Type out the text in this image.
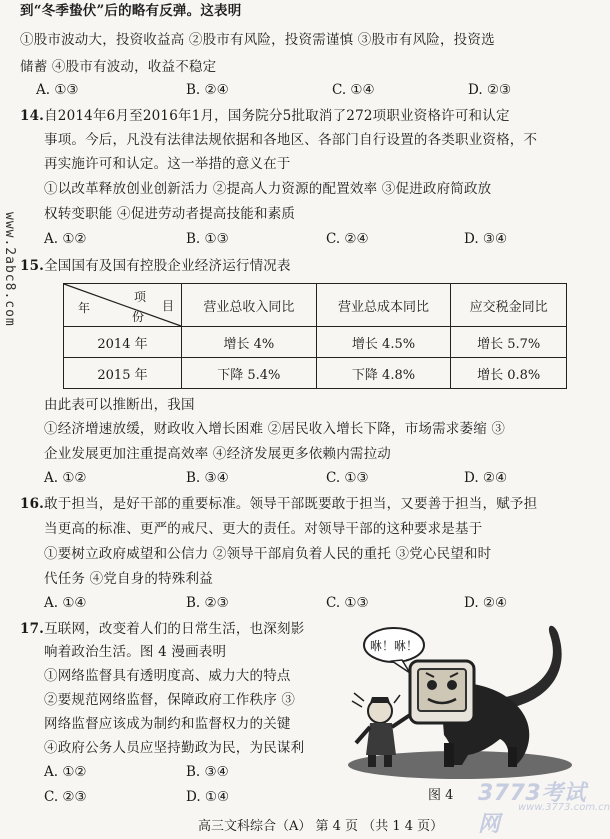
www.2abc8.com
到“冬季蛰伏”后的略有反弹。这表明
①股市波动大，投资收益高 ②股市有风险，投资需谨慎 ③股市有风险，投资选
储蓄 ④股市有波动，收益不稳定
A. ①③	B. ②④	C. ①④	D. ②③
14.自2014年6月至2016年1月，国务院分5批取消了272项职业资格许可和认定
事项。今后，凡没有法律法规依据和各地区、各部门自行设置的各类职业资格，不
再实施许可和认定。这一举措的意义在于
①以改革释放创业创新活力 ②提高人力资源的配置效率 ③促进政府简政放
权转变职能 ④促进劳动者提高技能和素质
A. ①②	B. ①③	C. ②④	D. ③④
15.全国国有及国有控股企业经济运行情况表
项
目
年
份	营业总收入同比	营业总成本同比	应交税金同比
2014 年	增长 4%	增长 4.5%	增长 5.7%
2015 年	下降 5.4%	下降 4.8%	增长 0.8%
由此表可以推断出，我国
①经济增速放缓，财政收入增长困难 ②居民收入增长下降，市场需求萎缩 ③
企业发展更加注重提高效率 ④经济发展更多依赖内需拉动
A. ①②	B. ③④	C. ①③	D. ②④
16.敢于担当，是好干部的重要标准。领导干部既要敢于担当，又要善于担当，赋予担
当更高的标准、更严的戒尺、更大的责任。对领导干部的这种要求是基于
①要树立政府威望和公信力 ②领导干部肩负着人民的重托 ③党心民望和时
代任务 ④党自身的特殊利益
A. ①④	B. ②③	C. ①③	D. ②④
17.互联网，改变着人们的日常生活，也深刻影
响着政治生活。图 4 漫画表明
①网络监督具有透明度高、威力大的特点
②要规范网络监督，保障政府工作秩序 ③
网络监督应该成为制约和监督权力的关键
④政府公务人员应坚持勤政为民，为民谋利
A. ①②	B. ③④
C. ②③	D. ①④
咻！咻！
图 4 3773考试网
www.3773.com.cn
高三文科综合（A） 第 4 页 （共 1 4 页）
